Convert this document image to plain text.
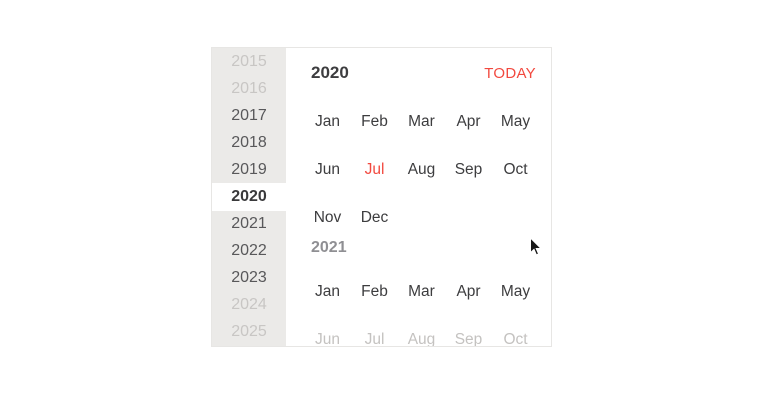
2015
2016
2017
2018
2019
2020
2021
2022
2023
2024
2025
2020	TODAY
Jan	Feb	Mar	Apr	May
Jun	Jul	Aug	Sep	Oct
Nov	Dec
2021
Jan	Feb	Mar	Apr	May
Jun	Jul	Aug	Sep	Oct
